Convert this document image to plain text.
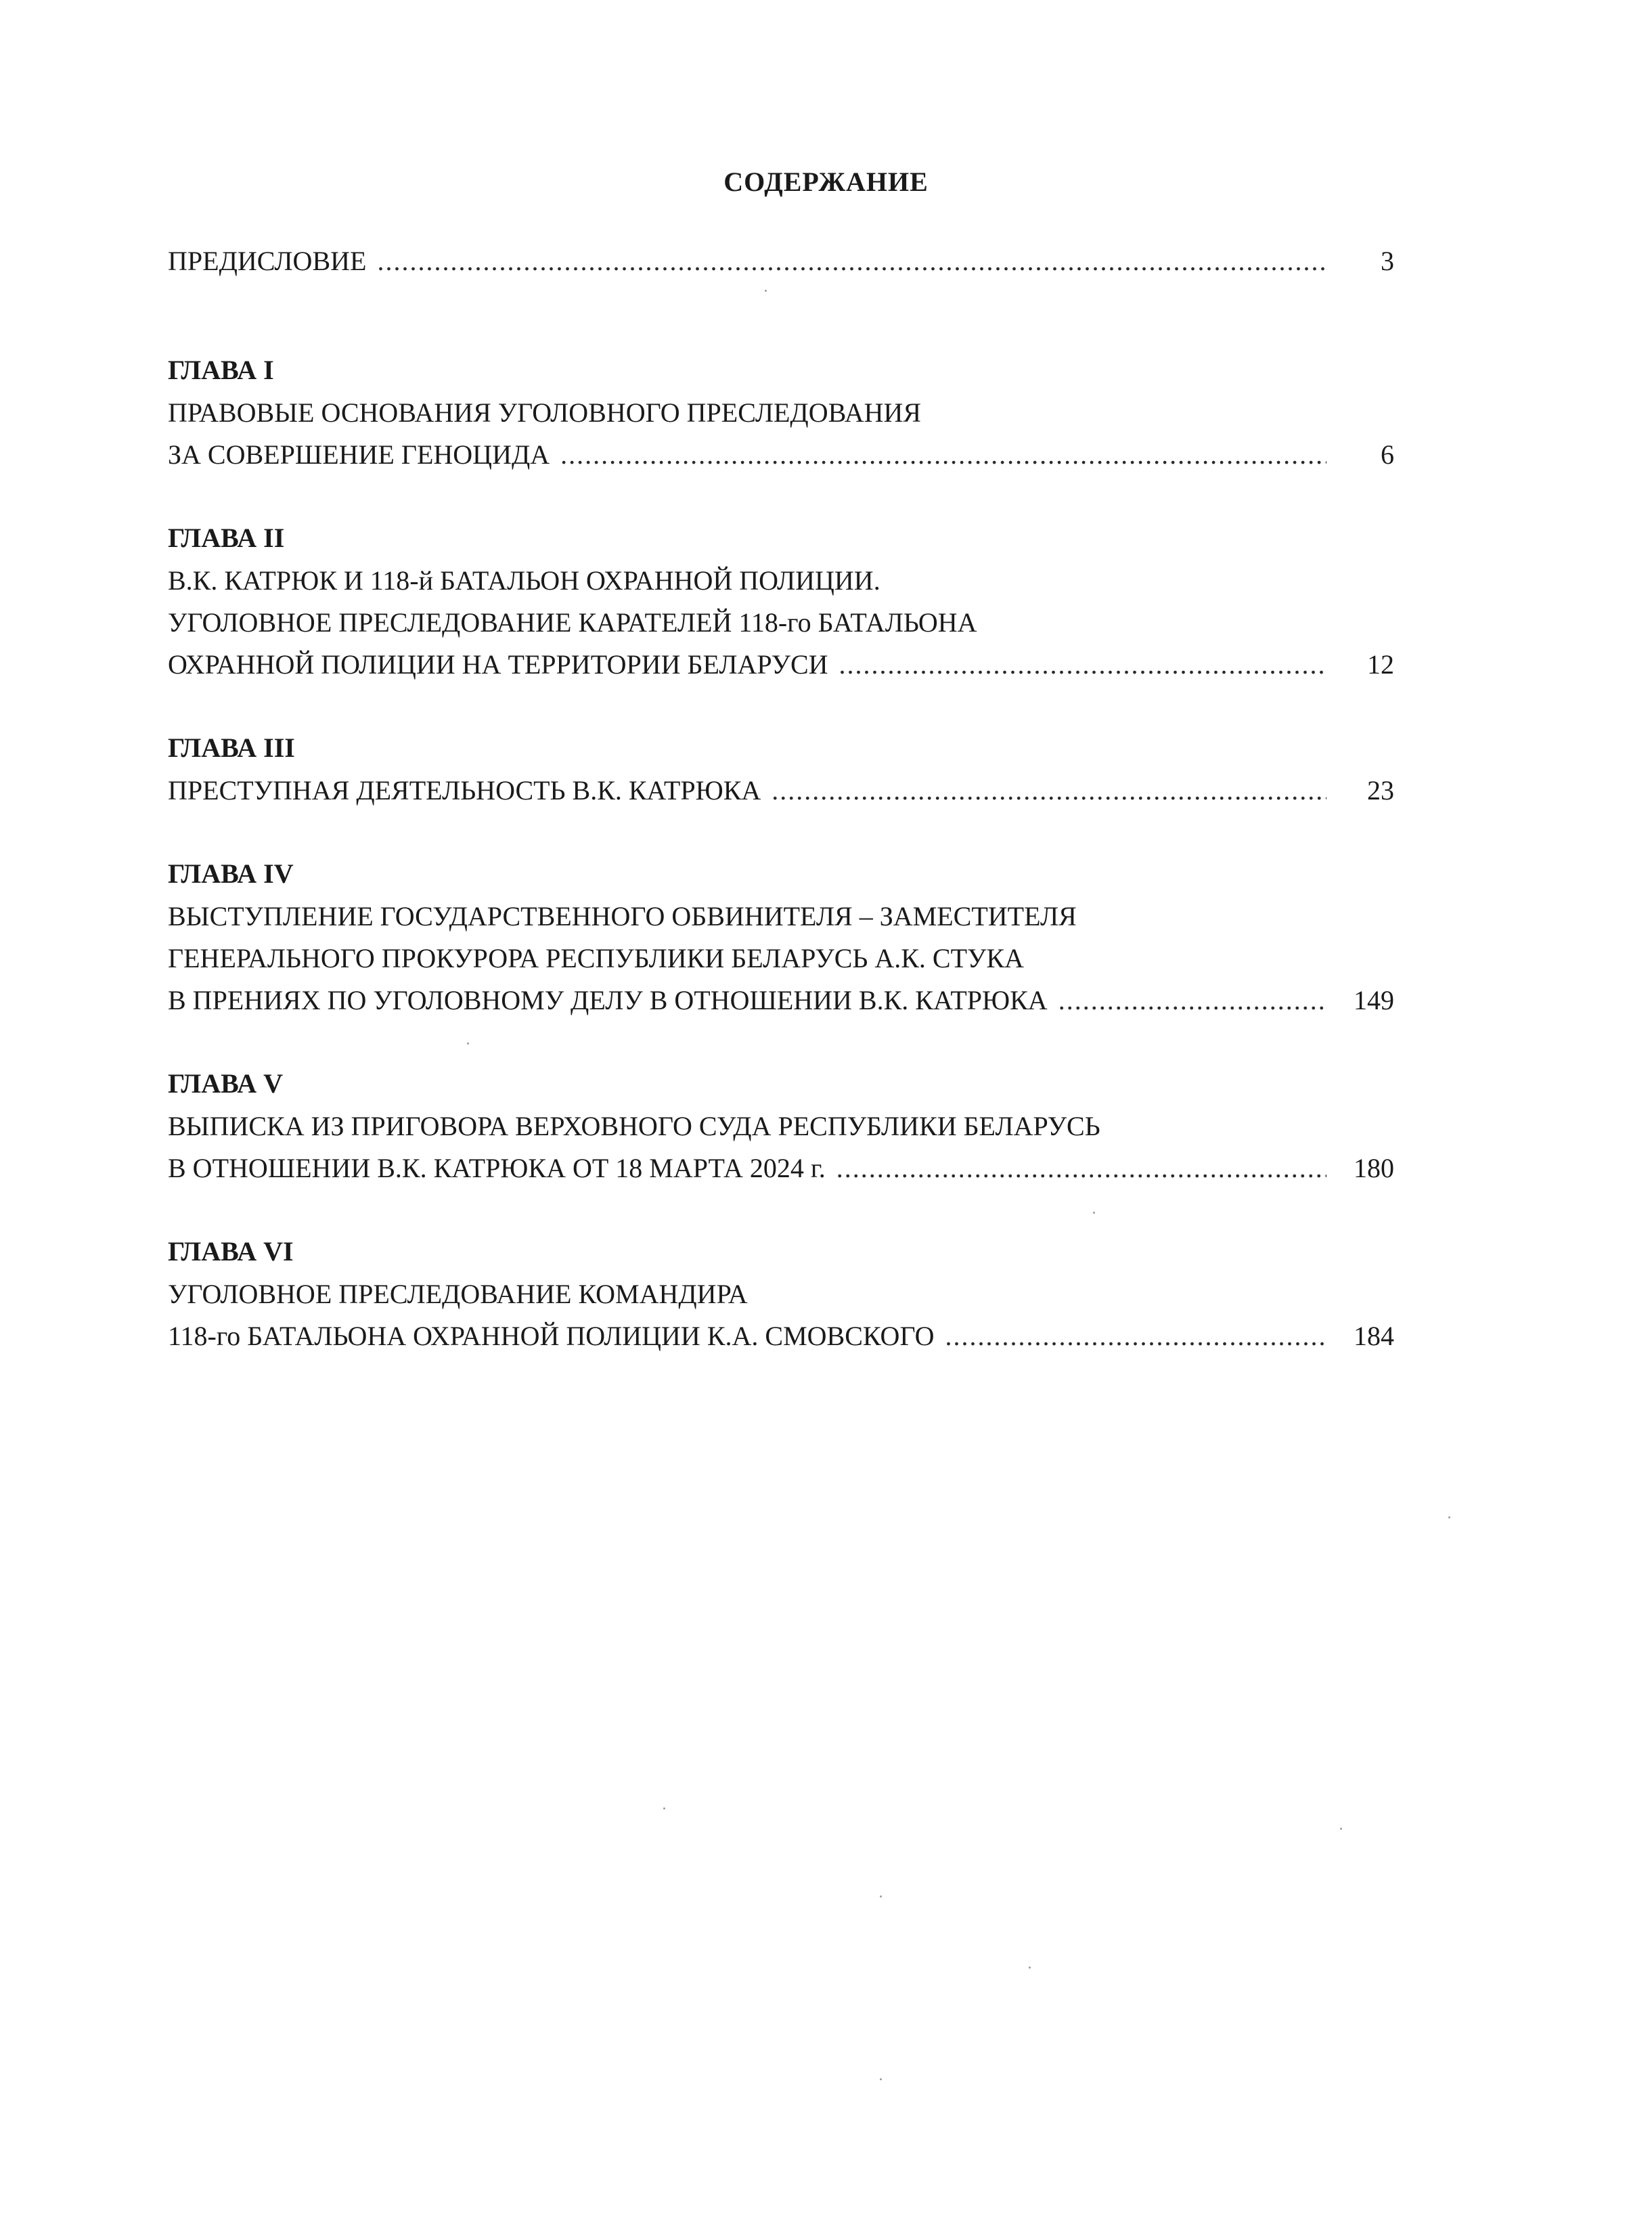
СОДЕРЖАНИЕ
ПРЕДИСЛОВИЕ . . .	3
ГЛАВА I
ПРАВОВЫЕ ОСНОВАНИЯ УГОЛОВНОГО ПРЕСЛЕДОВАНИЯ
ЗА СОВЕРШЕНИЕ ГЕНОЦИДА . . .	6
ГЛАВА II
В.К. КАТРЮК И 118-й БАТАЛЬОН ОХРАННОЙ ПОЛИЦИИ.
УГОЛОВНОЕ ПРЕСЛЕДОВАНИЕ КАРАТЕЛЕЙ 118-го БАТАЛЬОНА
ОХРАННОЙ ПОЛИЦИИ НА ТЕРРИТОРИИ БЕЛАРУСИ . . .	12
ГЛАВА III
ПРЕСТУПНАЯ ДЕЯТЕЛЬНОСТЬ В.К. КАТРЮКА . . .	23
ГЛАВА IV
ВЫСТУПЛЕНИЕ ГОСУДАРСТВЕННОГО ОБВИНИТЕЛЯ – ЗАМЕСТИТЕЛЯ
ГЕНЕРАЛЬНОГО ПРОКУРОРА РЕСПУБЛИКИ БЕЛАРУСЬ А.К. СТУКА
В ПРЕНИЯХ ПО УГОЛОВНОМУ ДЕЛУ В ОТНОШЕНИИ В.К. КАТРЮКА . . .	149
ГЛАВА V
ВЫПИСКА ИЗ ПРИГОВОРА ВЕРХОВНОГО СУДА РЕСПУБЛИКИ БЕЛАРУСЬ
В ОТНОШЕНИИ В.К. КАТРЮКА ОТ 18 МАРТА 2024 г. . . .	180
ГЛАВА VI
УГОЛОВНОЕ ПРЕСЛЕДОВАНИЕ КОМАНДИРА
118-го БАТАЛЬОНА ОХРАННОЙ ПОЛИЦИИ К.А. СМОВСКОГО . . .	184
